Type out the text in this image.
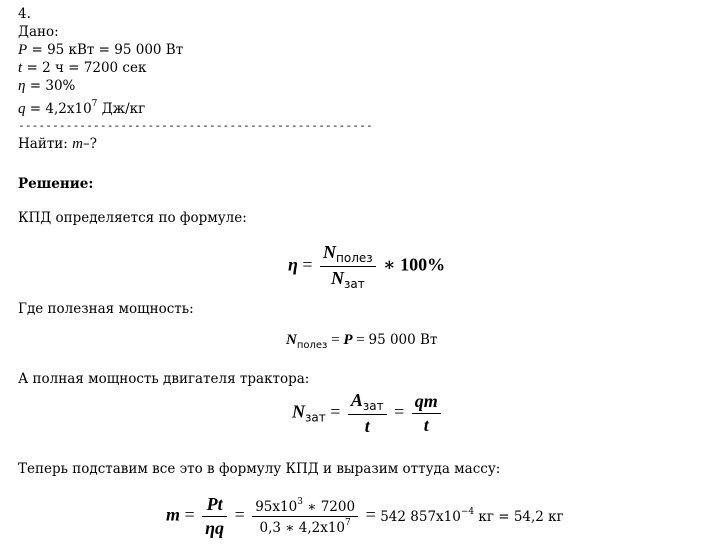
4.
Дано:
P = 95 кВт = 95 000 Вт
t = 2 ч = 7200 сек
η = 30%
$q = 4,2x10^7$ Дж/кг
----------------------------------------------------
Найти: m–?
Решение:
КПД определяется по формуле:
$\eta = \frac{N_{полез}}{N_{зат}}$ ∗ 100%
Где полезная мощность:
$N_{полез} = P = 95$ 000 Вт
А полная мощность двигателя трактора:
$N_{зат} = \frac{A_{зат}}{t} = \frac{qm}{t}$
Теперь подставим все это в формулу КПД и выразим оттуда массу:
$m = \frac{Pt}{\eta q} = \frac{95x10^3 ∗ 7200}{0,3 ∗ 4,2x10^7} = 542$ $857x10^{-4}$ кг = 54,2 кг
